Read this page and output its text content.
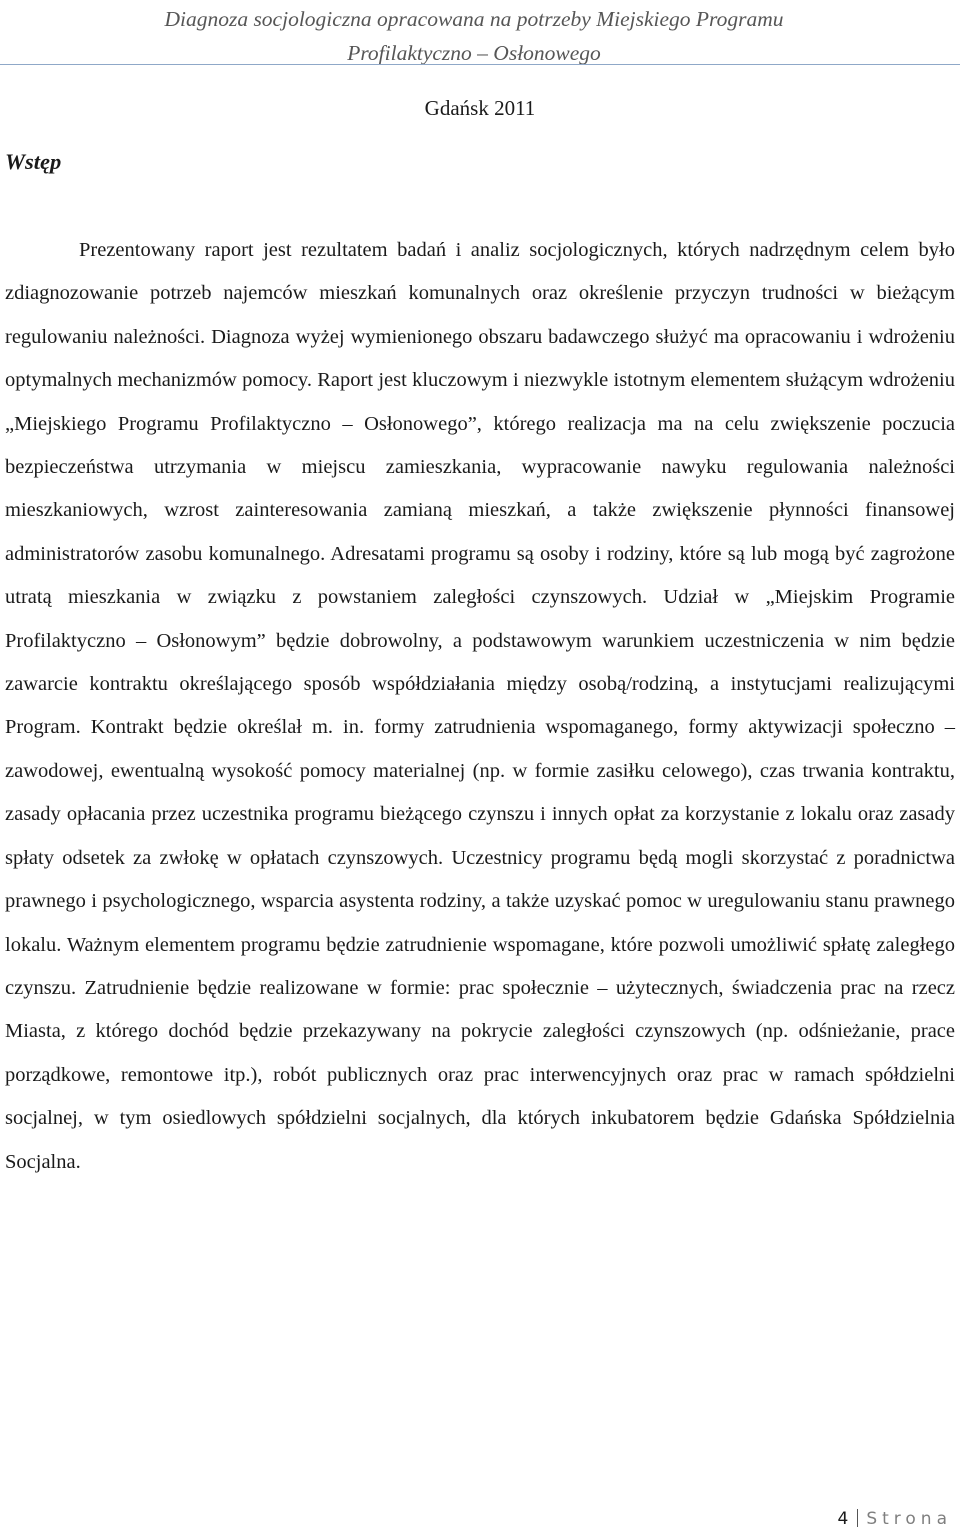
Diagnoza socjologiczna opracowana na potrzeby Miejskiego Programu
Profilaktyczno – Osłonowego
Gdańsk 2011
Wstęp

Prezentowany raport jest rezultatem badań i analiz socjologicznych, których nadrzędnym celem było zdiagnozowanie potrzeb najemców mieszkań komunalnych oraz określenie przyczyn trudności w bieżącym regulowaniu należności. Diagnoza wyżej wymienionego obszaru badawczego służyć ma opracowaniu i wdrożeniu optymalnych mechanizmów pomocy. Raport jest kluczowym i niezwykle istotnym elementem służącym wdrożeniu „Miejskiego Programu Profilaktyczno – Osłonowego”, którego realizacja ma na celu zwiększenie poczucia bezpieczeństwa utrzymania w miejscu zamieszkania, wypracowanie nawyku regulowania należności mieszkaniowych, wzrost zainteresowania zamianą mieszkań, a także zwiększenie płynności finansowej administratorów zasobu komunalnego. Adresatami programu są osoby i rodziny, które są lub mogą być zagrożone utratą mieszkania w związku z powstaniem zaległości czynszowych. Udział w „Miejskim Programie Profilaktyczno – Osłonowym” będzie dobrowolny, a podstawowym warunkiem uczestniczenia w nim będzie zawarcie kontraktu określającego sposób współdziałania między osobą/rodziną, a instytucjami realizującymi Program. Kontrakt będzie określał m. in. formy zatrudnienia wspomaganego, formy aktywizacji społeczno – zawodowej, ewentualną wysokość pomocy materialnej (np. w formie zasiłku celowego), czas trwania kontraktu, zasady opłacania przez uczestnika programu bieżącego czynszu i innych opłat za korzystanie z lokalu oraz zasady spłaty odsetek za zwłokę w opłatach czynszowych. Uczestnicy programu będą mogli skorzystać z poradnictwa prawnego i psychologicznego, wsparcia asystenta rodziny, a także uzyskać pomoc w uregulowaniu stanu prawnego lokalu. Ważnym elementem programu będzie zatrudnienie wspomagane, które pozwoli umożliwić spłatę zaległego czynszu. Zatrudnienie będzie realizowane w formie: prac społecznie – użytecznych, świadczenia prac na rzecz Miasta, z którego dochód będzie przekazywany na pokrycie zaległości czynszowych (np. odśnieżanie, prace porządkowe, remontowe itp.), robót publicznych oraz prac interwencyjnych oraz prac w ramach spółdzielni socjalnej, w tym osiedlowych spółdzielni socjalnych, dla których inkubatorem będzie Gdańska Spółdzielnia Socjalna.

4 Strona
